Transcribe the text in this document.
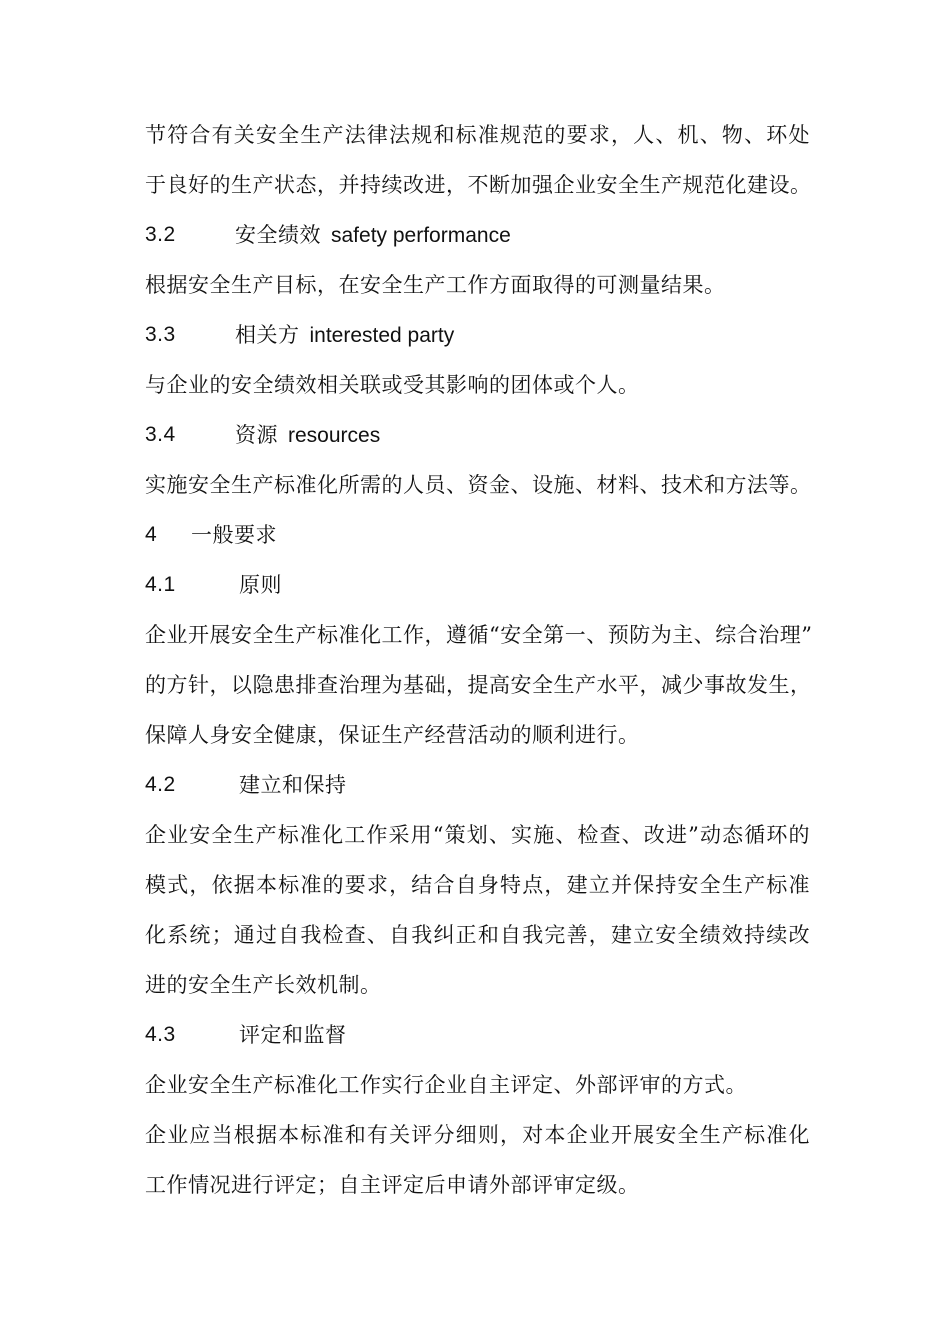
节符合有关安全生产法律法规和标准规范的要求，人、机、物、环处
于良好的生产状态，并持续改进，不断加强企业安全生产规范化建设。
3.2	安全绩效 safety performance
根据安全生产目标，在安全生产工作方面取得的可测量结果。
3.3	相关方 interested party
与企业的安全绩效相关联或受其影响的团体或个人。
3.4	资源 resources
实施安全生产标准化所需的人员、资金、设施、材料、技术和方法等。
4 一般要求
4.1	原则
企业开展安全生产标准化工作，遵循“安全第一、预防为主、综合治理”
的方针，以隐患排查治理为基础，提高安全生产水平，减少事故发生，
保障人身安全健康，保证生产经营活动的顺利进行。
4.2	建立和保持
企业安全生产标准化工作采用“策划、实施、检查、改进”动态循环的
模式，依据本标准的要求，结合自身特点，建立并保持安全生产标准
化系统；通过自我检查、自我纠正和自我完善，建立安全绩效持续改
进的安全生产长效机制。
4.3	评定和监督
企业安全生产标准化工作实行企业自主评定、外部评审的方式。
企业应当根据本标准和有关评分细则，对本企业开展安全生产标准化
工作情况进行评定；自主评定后申请外部评审定级。
